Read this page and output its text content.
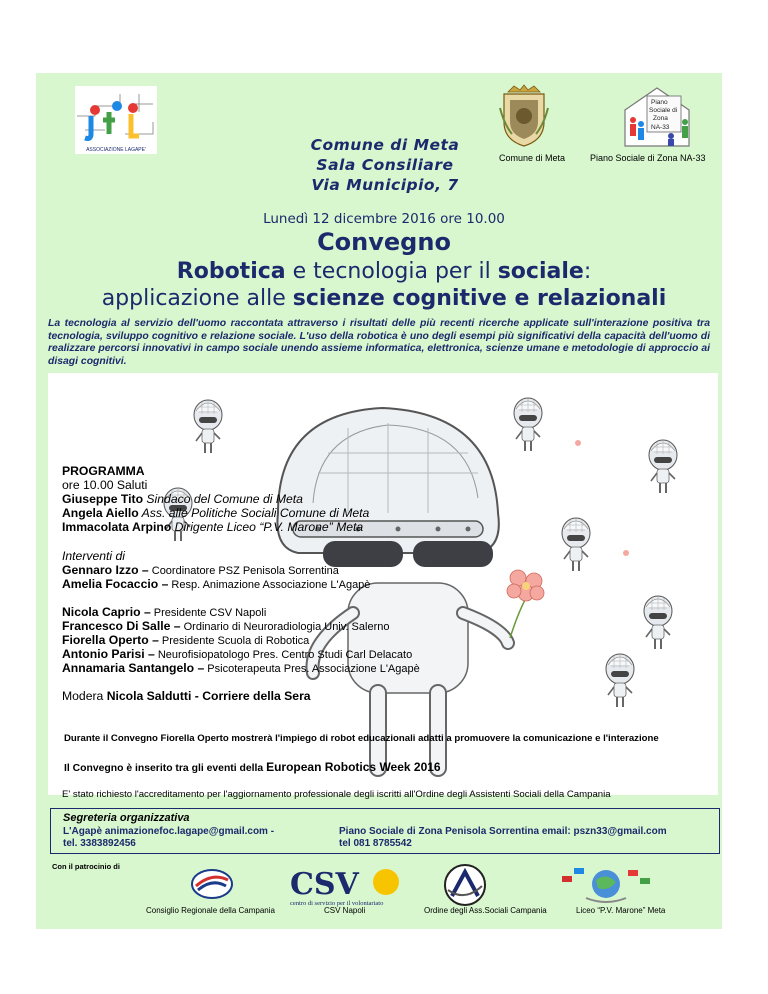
ASSOCIAZIONE LAGAPE'
Comune di Meta
Piano Sociale di Zona NA-33
Piano Sociale di Zona NA-33
Comune di Meta
Sala Consiliare
Via Municipio, 7
Lunedì 12 dicembre 2016 ore 10.00
Convegno
Robotica e tecnologia per il sociale:
applicazione alle scienze cognitive e relazionali
La tecnologia al servizio dell'uomo raccontata attraverso i risultati delle più recenti ricerche applicate sull'interazione positiva tra tecnologia, sviluppo cognitivo e relazione sociale. L'uso della robotica è uno degli esempi più significativi della capacità dell'uomo di realizzare percorsi innovativi in campo sociale unendo assieme informatica, elettronica, scienze umane e metodologie di approccio ai disagi cognitivi.
PROGRAMMA
ore 10.00 Saluti
Giuseppe Tito Sindaco del Comune di Meta
Angela Aiello Ass. alle Politiche Sociali Comune di Meta
Immacolata Arpino Dirigente Liceo “P.V. Marone” Meta
Interventi di
Gennaro Izzo – Coordinatore PSZ Penisola Sorrentina
Amelia Focaccio – Resp. Animazione Associazione L'Agapè
Nicola Caprio – Presidente CSV Napoli
Francesco Di Salle – Ordinario di Neuroradiologia Univ. Salerno
Fiorella Operto – Presidente Scuola di Robotica
Antonio Parisi – Neurofisiopatologo Pres. Centro Studi Carl Delacato
Annamaria Santangelo – Psicoterapeuta Pres. Associazione L'Agapè
Modera Nicola Saldutti - Corriere della Sera
Durante il Convegno Fiorella Operto mostrerà l'impiego di robot educazionali adatti a promuovere la comunicazione e l'interazione
Il Convegno è inserito tra gli eventi della European Robotics Week 2016
E' stato richiesto l'accreditamento per l'aggiornamento professionale degli iscritti all'Ordine degli Assistenti Sociali della Campania
Segreteria organizzativa
L'Agapè animazionefoc.lagape@gmail.com -
tel. 3383892456
Piano Sociale di Zona Penisola Sorrentina email: pszn33@gmail.com
tel 081 8785542
Con il patrocinio di
CSV
centro di servizio per il volontariato
Consiglio Regionale della Campania	CSV Napoli	Ordine degli Ass.Sociali Campania	Liceo “P.V. Marone” Meta
